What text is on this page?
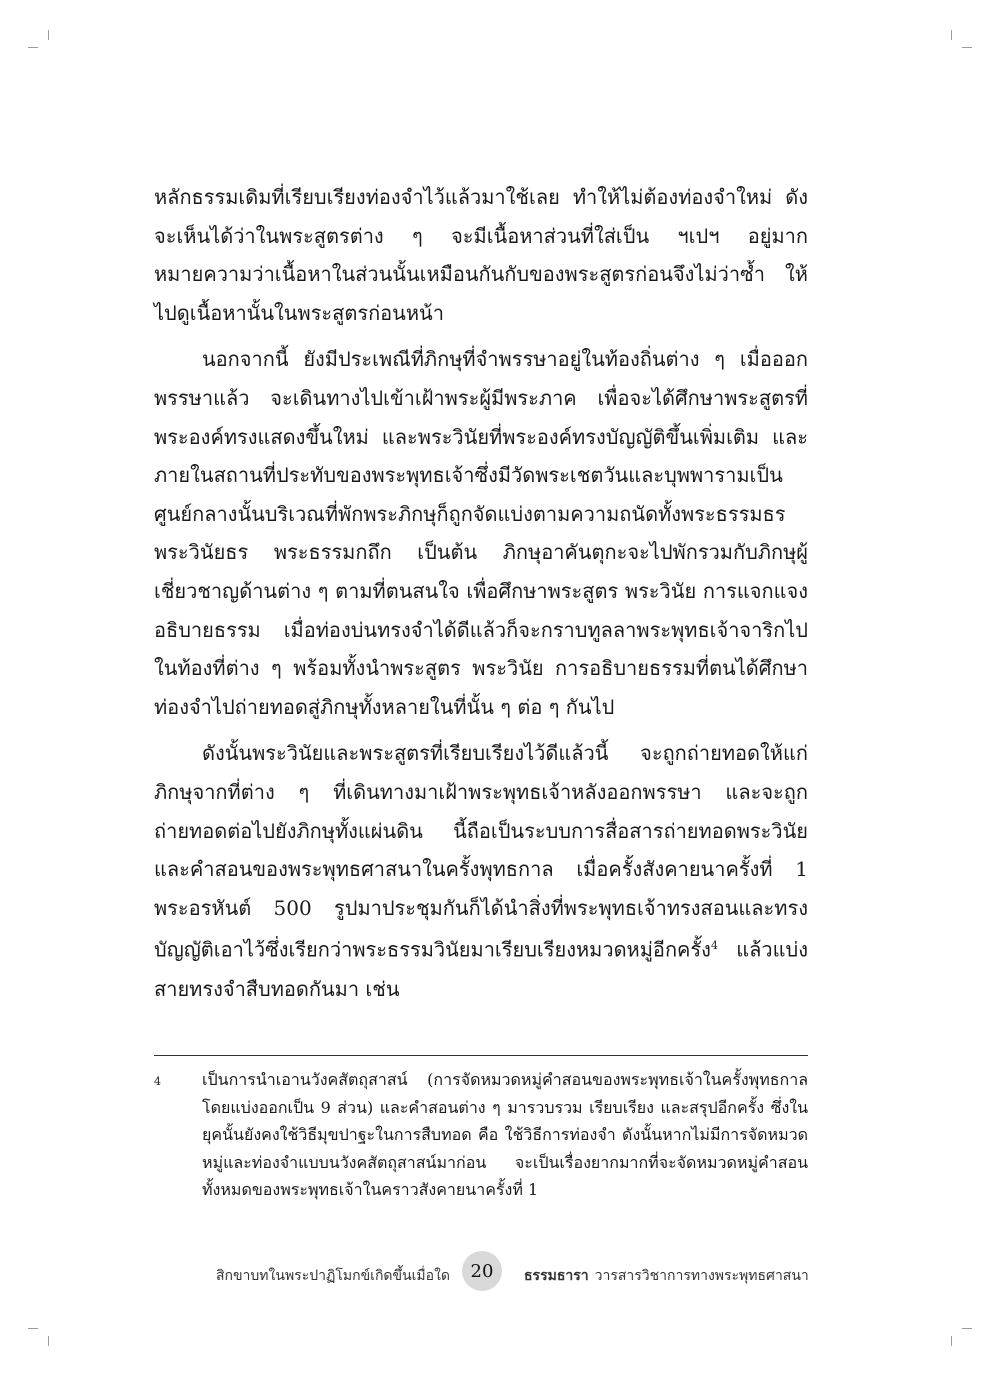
หลักธรรมเดิมที่เรียบเรียงท่องจำไว้แล้วมาใช้เลย ทำให้ไม่ต้องท่องจำใหม่ ดังจะเห็นได้ว่าในพระสูตรต่าง ๆ จะมีเนื้อหาส่วนที่ใส่เป็น ฯเปฯ อยู่มาก หมายความว่าเนื้อหาในส่วนนั้นเหมือนกันกับของพระสูตรก่อนจึงไม่ว่าซ้ำ ให้ไปดูเนื้อหานั้นในพระสูตรก่อนหน้า

นอกจากนี้ ยังมีประเพณีที่ภิกษุที่จำพรรษาอยู่ในท้องถิ่นต่าง ๆ เมื่อออกพรรษาแล้ว จะเดินทางไปเข้าเฝ้าพระผู้มีพระภาค เพื่อจะได้ศึกษาพระสูตรที่พระองค์ทรงแสดงขึ้นใหม่ และพระวินัยที่พระองค์ทรงบัญญัติขึ้นเพิ่มเติม และภายในสถานที่ประทับของพระพุทธเจ้าซึ่งมีวัดพระเชตวันและบุพพารามเป็นศูนย์กลางนั้นบริเวณที่พักพระภิกษุก็ถูกจัดแบ่งตามความถนัดทั้งพระธรรมธร พระวินัยธร พระธรรมกถึก เป็นต้น ภิกษุอาคันตุกะจะไปพักรวมกับภิกษุผู้เชี่ยวชาญด้านต่าง ๆ ตามที่ตนสนใจ เพื่อศึกษาพระสูตร พระวินัย การแจกแจงอธิบายธรรม เมื่อท่องบ่นทรงจำได้ดีแล้วก็จะกราบทูลลาพระพุทธเจ้าจาริกไปในท้องที่ต่าง ๆ พร้อมทั้งนำพระสูตร พระวินัย การอธิบายธรรมที่ตนได้ศึกษาท่องจำไปถ่ายทอดสู่ภิกษุทั้งหลายในที่นั้น ๆ ต่อ ๆ กันไป

ดังนั้นพระวินัยและพระสูตรที่เรียบเรียงไว้ดีแล้วนี้ จะถูกถ่ายทอดให้แก่ภิกษุจากที่ต่าง ๆ ที่เดินทางมาเฝ้าพระพุทธเจ้าหลังออกพรรษา และจะถูกถ่ายทอดต่อไปยังภิกษุทั้งแผ่นดิน นี้ถือเป็นระบบการสื่อสารถ่ายทอดพระวินัยและคำสอนของพระพุทธศาสนาในครั้งพุทธกาล เมื่อครั้งสังคายนาครั้งที่ 1 พระอรหันต์ 500 รูปมาประชุมกันก็ได้นำสิ่งที่พระพุทธเจ้าทรงสอนและทรงบัญญัติเอาไว้ซึ่งเรียกว่าพระธรรมวินัยมาเรียบเรียงหมวดหมู่อีกครั้ง$^4$ แล้วแบ่งสายทรงจำสืบทอดกันมา เช่น

4	เป็นการนำเอานวังคสัตถุสาสน์ (การจัดหมวดหมู่คำสอนของพระพุทธเจ้าในครั้งพุทธกาลโดยแบ่งออกเป็น 9 ส่วน) และคำสอนต่าง ๆ มารวบรวม เรียบเรียง และสรุปอีกครั้ง ซึ่งในยุคนั้นยังคงใช้วิธีมุขปาฐะในการสืบทอด คือ ใช้วิธีการท่องจำ ดังนั้นหากไม่มีการจัดหมวดหมู่และท่องจำแบบนวังคสัตถุสาสน์มาก่อน จะเป็นเรื่องยากมากที่จะจัดหมวดหมู่คำสอนทั้งหมดของพระพุทธเจ้าในคราวสังคายนาครั้งที่ 1
สิกขาบทในพระปาฏิโมกข์เกิดขึ้นเมื่อใด	20	ธรรมธารา วารสารวิชาการทางพระพุทธศาสนา
